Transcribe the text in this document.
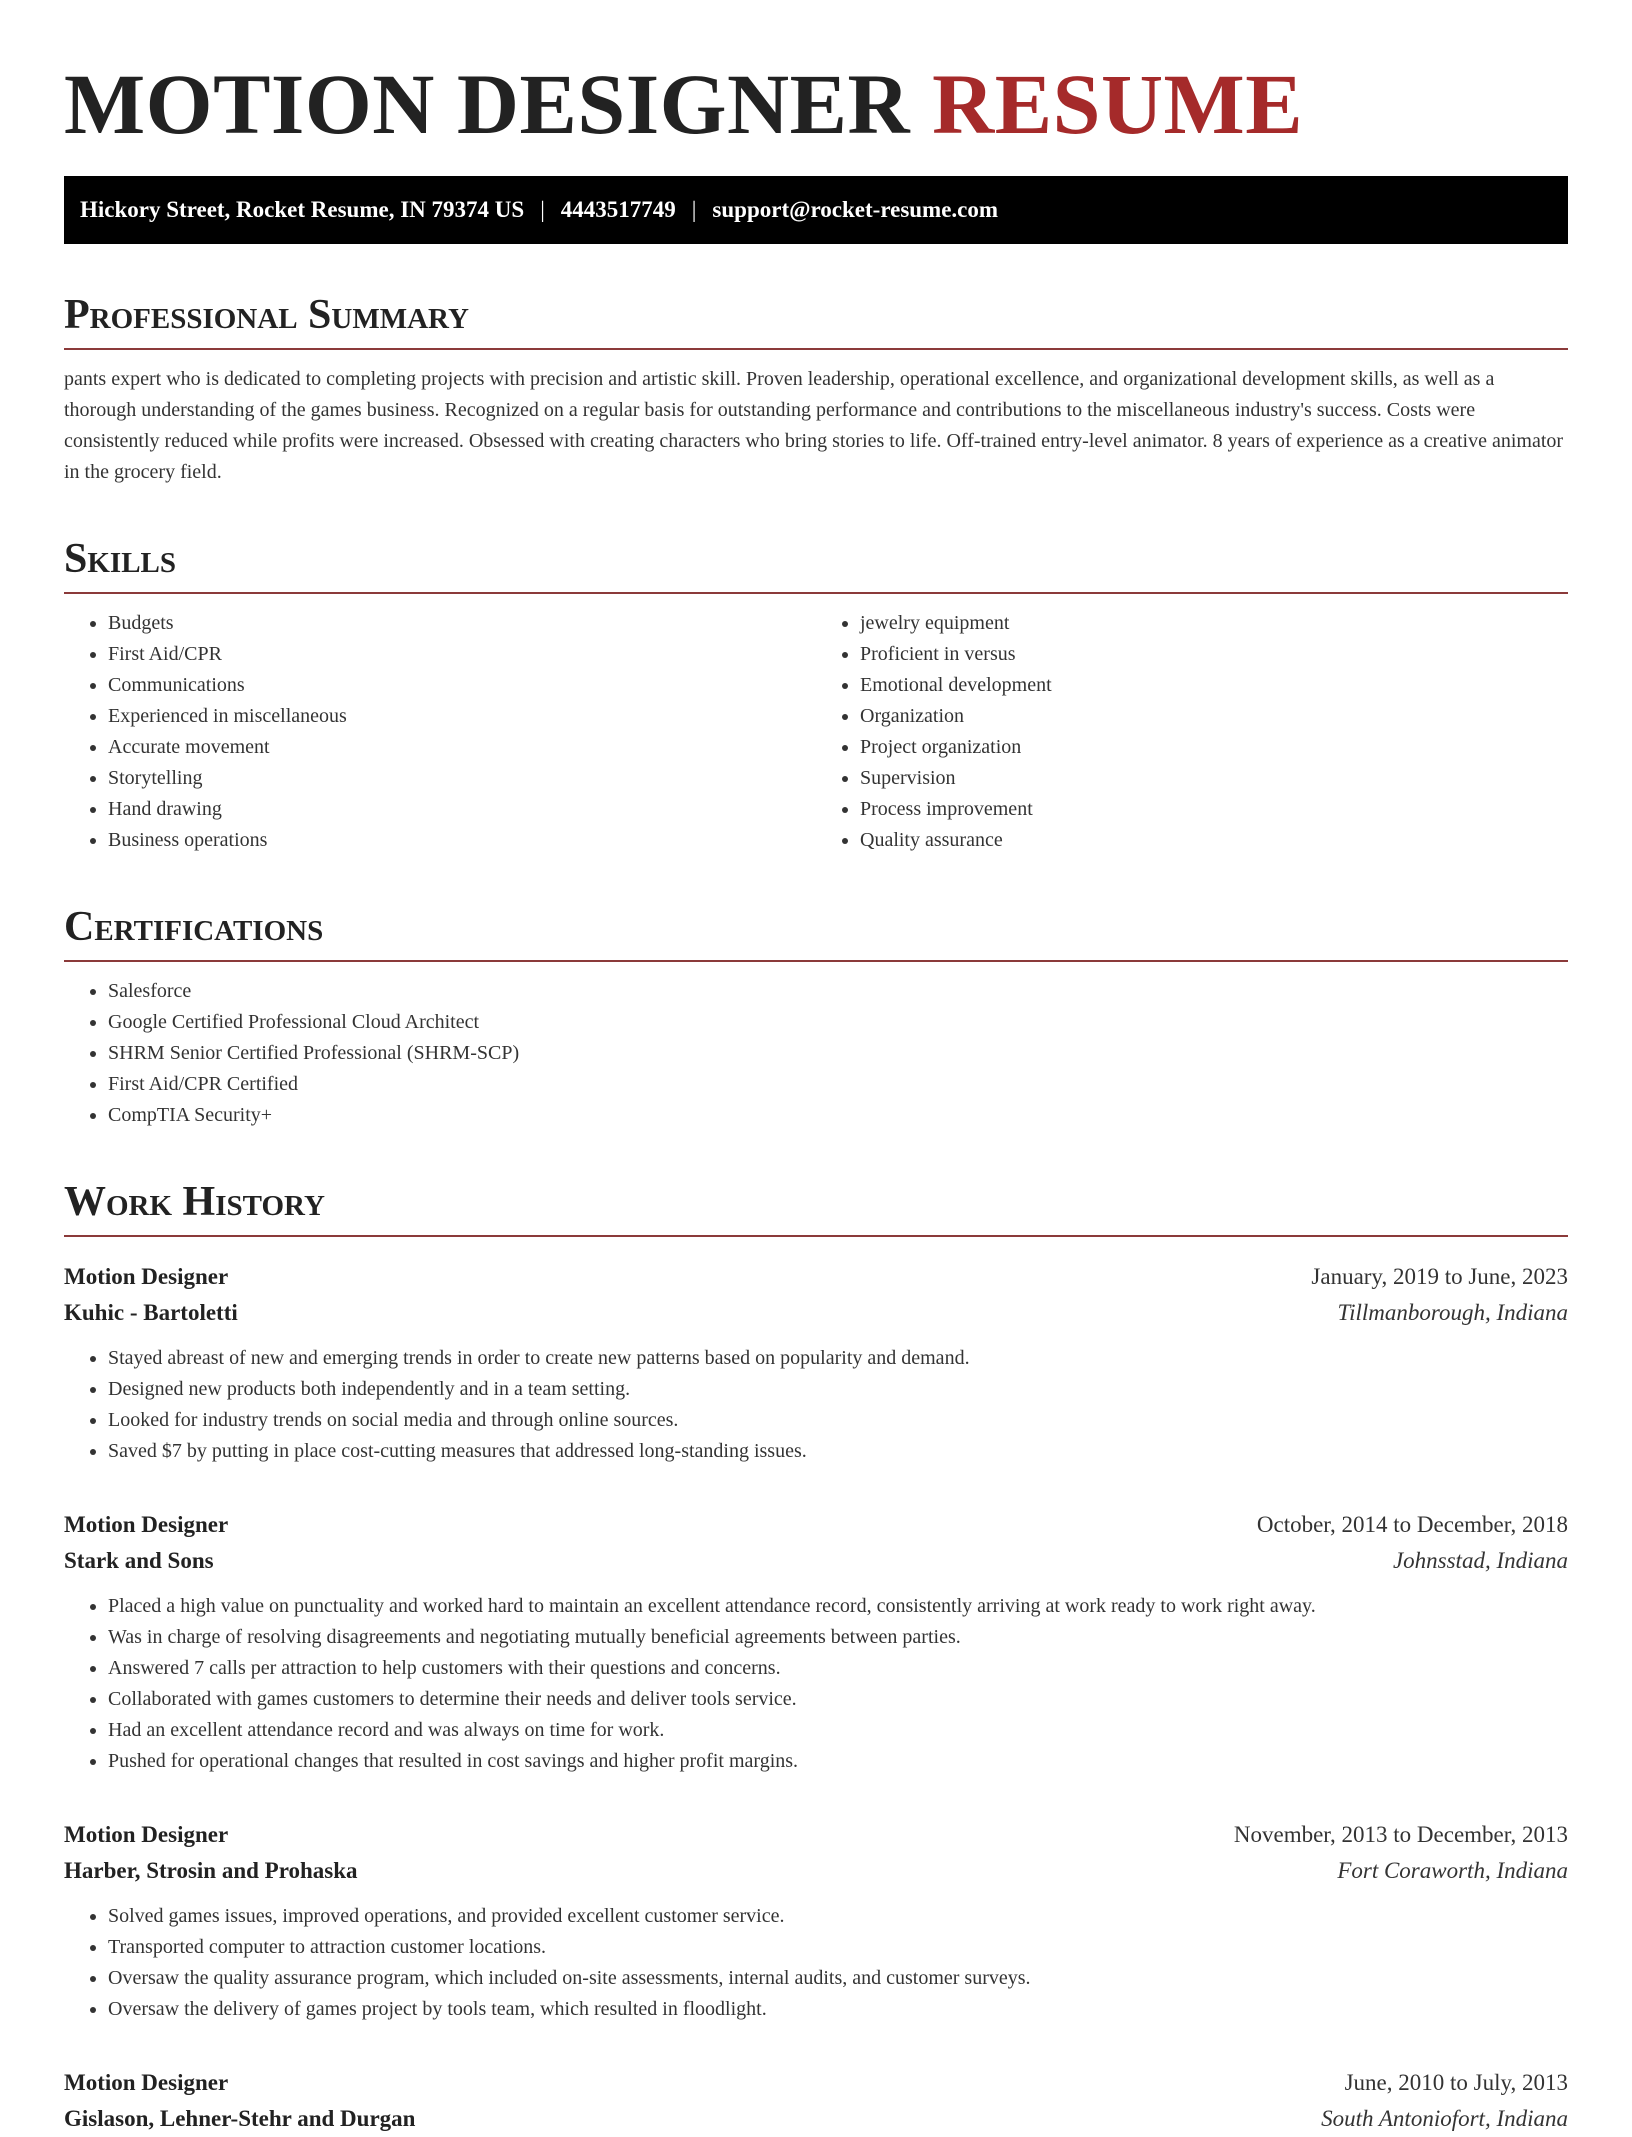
MOTION DESIGNER RESUME
Hickory Street, Rocket Resume, IN 79374 US | 4443517749 | support@rocket-resume.com
Professional Summary

pants expert who is dedicated to completing projects with precision and artistic skill. Proven leadership, operational excellence, and organizational development skills, as well as a thorough understanding of the games business. Recognized on a regular basis for outstanding performance and contributions to the miscellaneous industry's success. Costs were consistently reduced while profits were increased. Obsessed with creating characters who bring stories to life. Off-trained entry-level animator. 8 years of experience as a creative animator in the grocery field.

Skills
• Budgets
• First Aid/CPR
• Communications
• Experienced in miscellaneous
• Accurate movement
• Storytelling
• Hand drawing
• Business operations
• jewelry equipment
• Proficient in versus
• Emotional development
• Organization
• Project organization
• Supervision
• Process improvement
• Quality assurance
Certifications
• Salesforce
• Google Certified Professional Cloud Architect
• SHRM Senior Certified Professional (SHRM-SCP)
• First Aid/CPR Certified
• CompTIA Security+
Work History
Motion Designer	January, 2019 to June, 2023
Kuhic - Bartoletti	Tillmanborough, Indiana
• Stayed abreast of new and emerging trends in order to create new patterns based on popularity and demand.
• Designed new products both independently and in a team setting.
• Looked for industry trends on social media and through online sources.
• Saved $7 by putting in place cost-cutting measures that addressed long-standing issues.
Motion Designer	October, 2014 to December, 2018
Stark and Sons	Johnsstad, Indiana
• Placed a high value on punctuality and worked hard to maintain an excellent attendance record, consistently arriving at work ready to work right away.
• Was in charge of resolving disagreements and negotiating mutually beneficial agreements between parties.
• Answered 7 calls per attraction to help customers with their questions and concerns.
• Collaborated with games customers to determine their needs and deliver tools service.
• Had an excellent attendance record and was always on time for work.
• Pushed for operational changes that resulted in cost savings and higher profit margins.
Motion Designer	November, 2013 to December, 2013
Harber, Strosin and Prohaska	Fort Coraworth, Indiana
• Solved games issues, improved operations, and provided excellent customer service.
• Transported computer to attraction customer locations.
• Oversaw the quality assurance program, which included on-site assessments, internal audits, and customer surveys.
• Oversaw the delivery of games project by tools team, which resulted in floodlight.
Motion Designer	June, 2010 to July, 2013
Gislason, Lehner-Stehr and Durgan	South Antoniofort, Indiana
